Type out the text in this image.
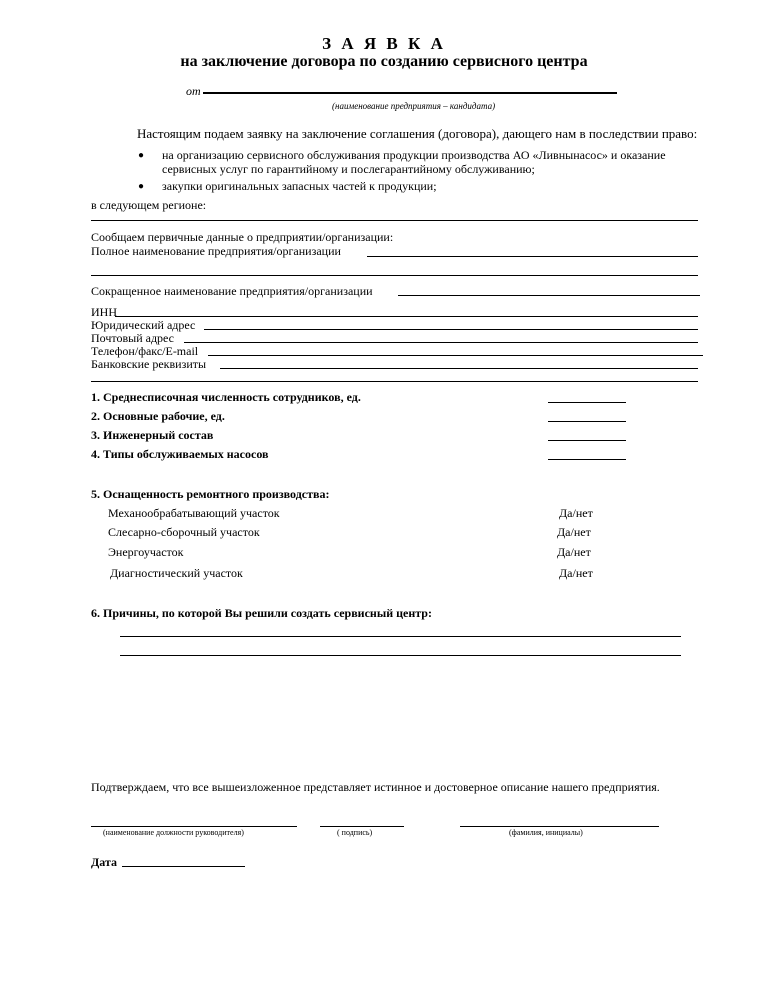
З А Я В К А
на заключение договора по созданию сервисного центра
от
(наименование предприятия – кандидата)
Настоящим подаем заявку на заключение соглашения (договора), дающего нам в последствии право:
● на организацию сервисного обслуживания продукции производства АО «Ливнынасос» и оказание
сервисных услуг по гарантийному и послегарантийному обслуживанию;
● закупки оригинальных запасных частей к продукции;
в следующем регионе:
Сообщаем первичные данные о предприятии/организации:
Полное наименование предприятия/организации
Сокращенное наименование предприятия/организации
ИНН
Юридический адрес
Почтовый адрес
Телефон/факс/E-mail
Банковские реквизиты
1. Среднесписочная численность сотрудников, ед.
2. Основные рабочие, ед.
3. Инженерный состав
4. Типы обслуживаемых насосов
5. Оснащенность ремонтного производства:
Механообрабатывающий участок	Да/нет
Слесарно-сборочный участок	Да/нет
Энергоучасток	Да/нет
Диагностический участок	Да/нет
6. Причины, по которой Вы решили создать сервисный центр:
Подтверждаем, что все вышеизложенное представляет истинное и достоверное описание нашего предприятия.
(наименование должности руководителя)	( подпись)	(фамилия, инициалы)
Дата
